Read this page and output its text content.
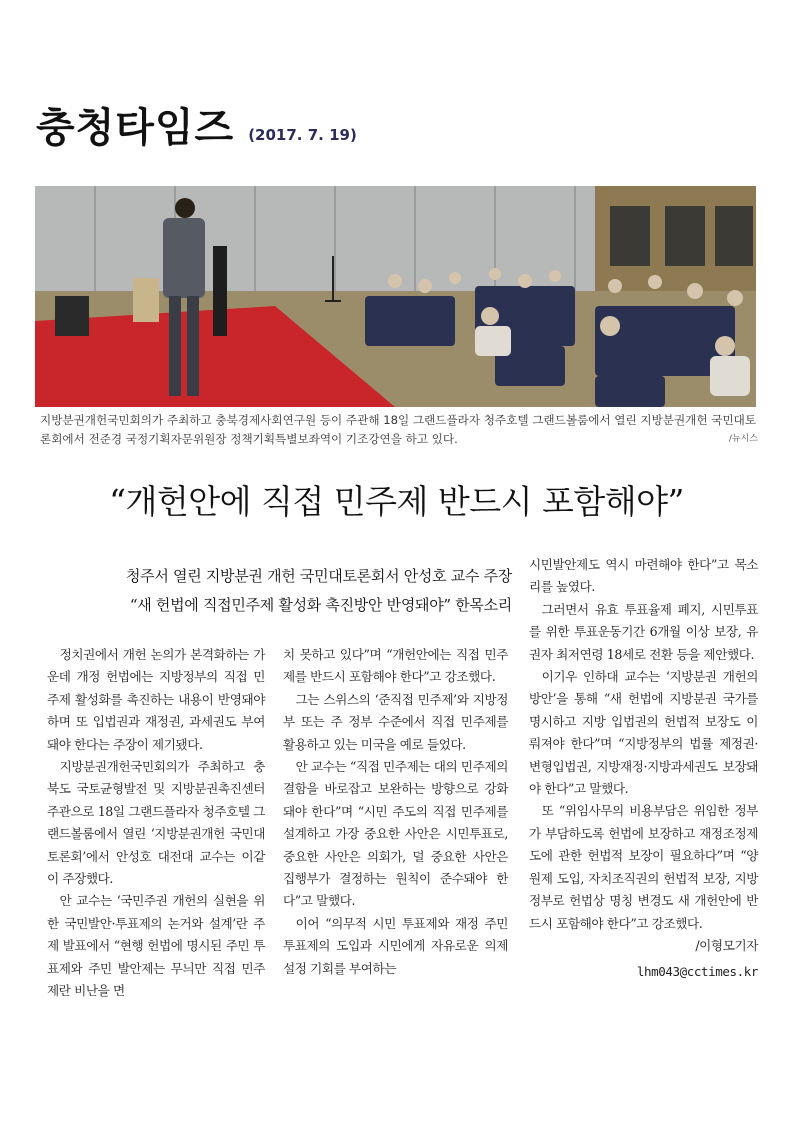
충청타임즈 (2017. 7. 19)
지방분권개헌국민회의가 주최하고 충북경제사회연구원 등이 주관해 18일 그랜드플라자 청주호텔 그랜드볼룸에서 열린 지방분권개헌 국민대토론회에서 전준경 국정기획자문위원장 정책기획특별보좌역이 기조강연을 하고 있다.	/뉴시스
“개헌안에 직접 민주제 반드시 포함해야”
청주서 열린 지방분권 개헌 국민대토론회서 안성호 교수 주장
“새 헌법에 직접민주제 활성화 촉진방안 반영돼야” 한목소리

정치권에서 개헌 논의가 본격화하는 가운데 개정 헌법에는 지방정부의 직접 민주제 활성화를 촉진하는 내용이 반영돼야 하며 또 입법권과 재정권, 과세권도 부여돼야 한다는 주장이 제기됐다.

지방분권개헌국민회의가 주최하고 충북도 국토균형발전 및 지방분권촉진센터 주관으로 18일 그랜드플라자 청주호텔 그랜드볼룸에서 열린 ‘지방분권개헌 국민대토론회’에서 안성호 대전대 교수는 이같이 주장했다.

안 교수는 ‘국민주권 개헌의 실현을 위한 국민발안·투표제의 논거와 설계’란 주제 발표에서 “현행 헌법에 명시된 주민 투표제와 주민 발안제는 무늬만 직접 민주제란 비난을 면

치 못하고 있다”며 “개헌안에는 직접 민주제를 반드시 포함해야 한다”고 강조했다.

그는 스위스의 ‘준직접 민주제’와 지방정부 또는 주 정부 수준에서 직접 민주제를 활용하고 있는 미국을 예로 들었다.

안 교수는 “직접 민주제는 대의 민주제의 결함을 바로잡고 보완하는 방향으로 강화돼야 한다”며 “시민 주도의 직접 민주제를 설계하고 가장 중요한 사안은 시민투표로, 중요한 사안은 의회가, 덜 중요한 사안은 집행부가 결정하는 원칙이 준수돼야 한다”고 말했다.

이어 “의무적 시민 투표제와 재정 주민 투표제의 도입과 시민에게 자유로운 의제설정 기회를 부여하는

시민발안제도 역시 마련해야 한다”고 목소리를 높였다.

그러면서 유효 투표율제 폐지, 시민투표를 위한 투표운동기간 6개월 이상 보장, 유권자 최저연령 18세로 전환 등을 제안했다.

이기우 인하대 교수는 ‘지방분권 개헌의 방안’을 통해 “새 헌법에 지방분권 국가를 명시하고 지방 입법권의 헌법적 보장도 이뤄져야 한다”며 “지방정부의 법률 제정권·변형입법권, 지방재정·지방과세권도 보장돼야 한다”고 말했다.

또 “위임사무의 비용부담은 위임한 정부가 부담하도록 헌법에 보장하고 재정조정제도에 관한 헌법적 보장이 필요하다”며 “양원제 도입, 자치조직권의 헌법적 보장, 지방정부로 헌법상 명칭 변경도 새 개헌안에 반드시 포함해야 한다”고 강조했다.

/이형모기자
lhm043@cctimes.kr
